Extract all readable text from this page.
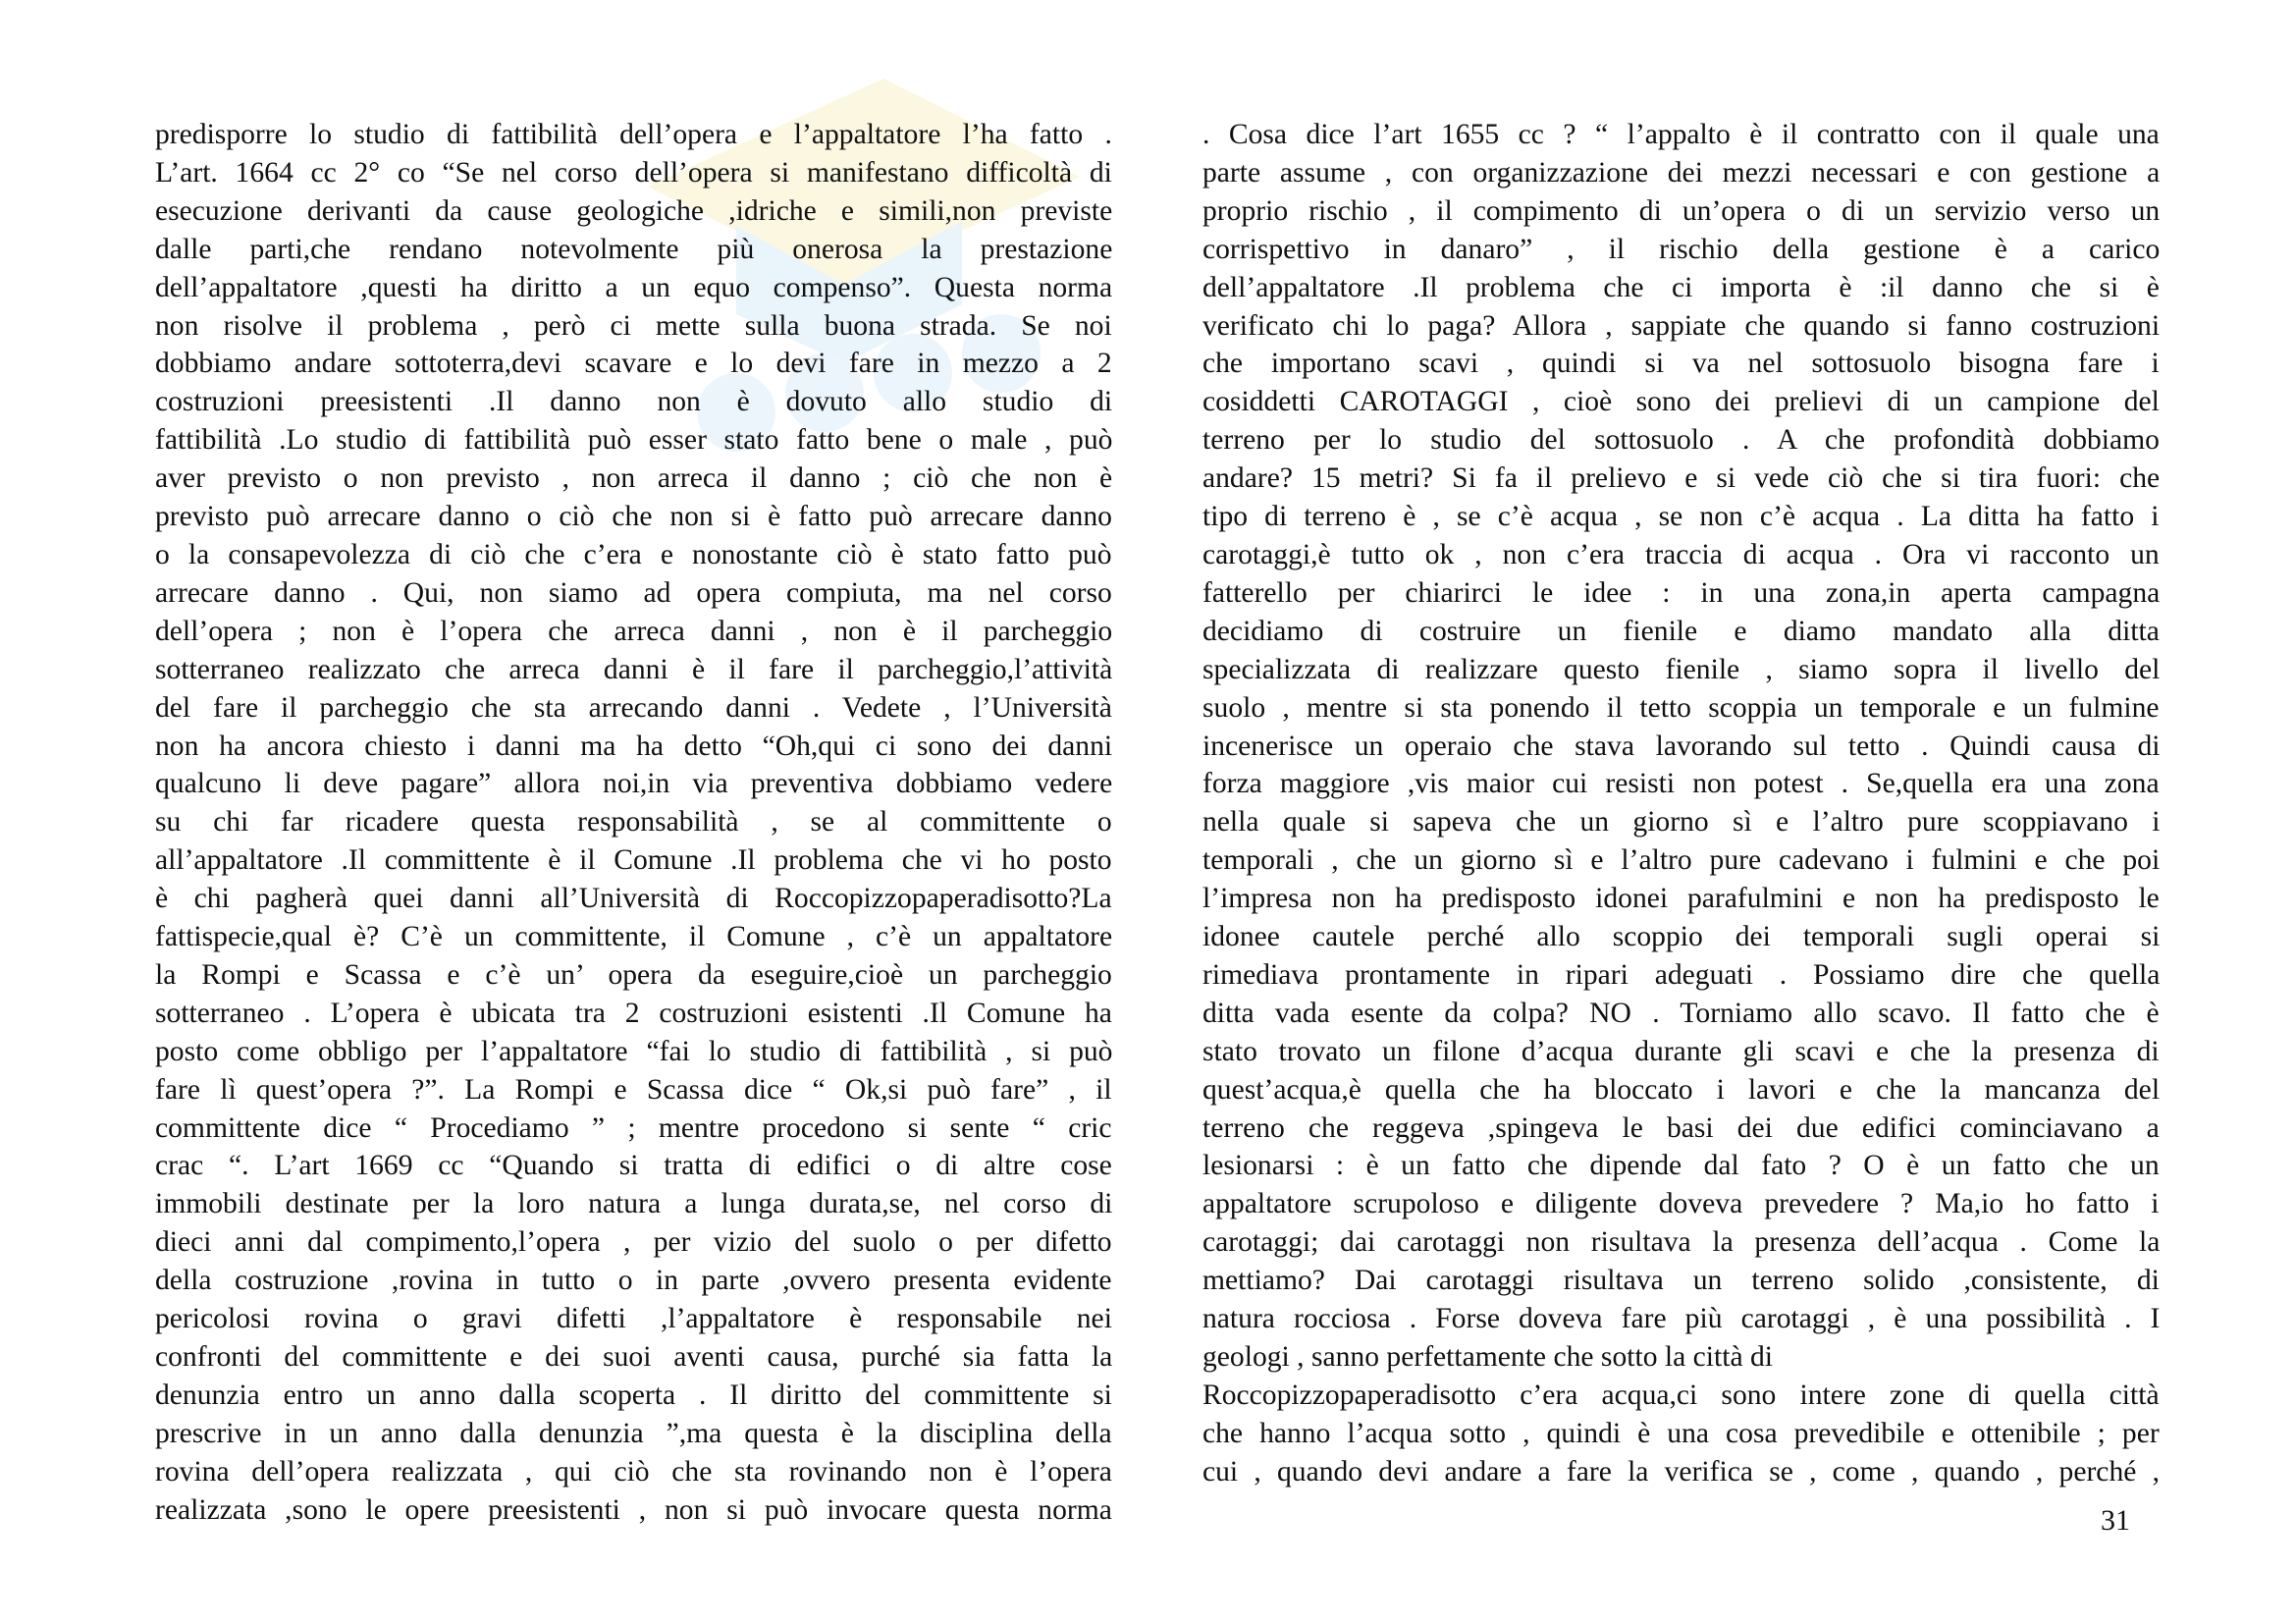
predisporre lo studio di fattibilità dell’opera e l’appaltatore l’ha fatto .
L’art. 1664 cc 2° co “Se nel corso dell’opera si manifestano difficoltà di
esecuzione derivanti da cause geologiche ,idriche e simili,non previste
dalle parti,che rendano notevolmente più onerosa la prestazione
dell’appaltatore ,questi ha diritto a un equo compenso”. Questa norma
non risolve il problema , però ci mette sulla buona strada. Se noi
dobbiamo andare sottoterra,devi scavare e lo devi fare in mezzo a 2
costruzioni preesistenti .Il danno non è dovuto allo studio di
fattibilità .Lo studio di fattibilità può esser stato fatto bene o male , può
aver previsto o non previsto , non arreca il danno ; ciò che non è
previsto può arrecare danno o ciò che non si è fatto può arrecare danno
o la consapevolezza di ciò che c’era e nonostante ciò è stato fatto può
arrecare danno . Qui, non siamo ad opera compiuta, ma nel corso
dell’opera ; non è l’opera che arreca danni , non è il parcheggio
sotterraneo realizzato che arreca danni è il fare il parcheggio,l’attività
del fare il parcheggio che sta arrecando danni . Vedete , l’Università
non ha ancora chiesto i danni ma ha detto “Oh,qui ci sono dei danni
qualcuno li deve pagare” allora noi,in via preventiva dobbiamo vedere
su chi far ricadere questa responsabilità , se al committente o
all’appaltatore .Il committente è il Comune .Il problema che vi ho posto
è chi pagherà quei danni all’Università di Roccopizzopaperadisotto?La
fattispecie,qual è? C’è un committente, il Comune , c’è un appaltatore
la Rompi e Scassa e c’è un’ opera da eseguire,cioè un parcheggio
sotterraneo . L’opera è ubicata tra 2 costruzioni esistenti .Il Comune ha
posto come obbligo per l’appaltatore “fai lo studio di fattibilità , si può
fare lì quest’opera ?”. La Rompi e Scassa dice “ Ok,si può fare” , il
committente dice “ Procediamo ” ; mentre procedono si sente “ cric
crac “. L’art 1669 cc “Quando si tratta di edifici o di altre cose
immobili destinate per la loro natura a lunga durata,se, nel corso di
dieci anni dal compimento,l’opera , per vizio del suolo o per difetto
della costruzione ,rovina in tutto o in parte ,ovvero presenta evidente
pericolosi rovina o gravi difetti ,l’appaltatore è responsabile nei
confronti del committente e dei suoi aventi causa, purché sia fatta la
denunzia entro un anno dalla scoperta . Il diritto del committente si
prescrive in un anno dalla denunzia ”,ma questa è la disciplina della
rovina dell’opera realizzata , qui ciò che sta rovinando non è l’opera
realizzata ,sono le opere preesistenti , non si può invocare questa norma
. Cosa dice l’art 1655 cc ? “ l’appalto è il contratto con il quale una
parte assume , con organizzazione dei mezzi necessari e con gestione a
proprio rischio , il compimento di un’opera o di un servizio verso un
corrispettivo in danaro” , il rischio della gestione è a carico
dell’appaltatore .Il problema che ci importa è :il danno che si è
verificato chi lo paga? Allora , sappiate che quando si fanno costruzioni
che importano scavi , quindi si va nel sottosuolo bisogna fare i
cosiddetti CAROTAGGI , cioè sono dei prelievi di un campione del
terreno per lo studio del sottosuolo . A che profondità dobbiamo
andare? 15 metri? Si fa il prelievo e si vede ciò che si tira fuori: che
tipo di terreno è , se c’è acqua , se non c’è acqua . La ditta ha fatto i
carotaggi,è tutto ok , non c’era traccia di acqua . Ora vi racconto un
fatterello per chiarirci le idee : in una zona,in aperta campagna
decidiamo di costruire un fienile e diamo mandato alla ditta
specializzata di realizzare questo fienile , siamo sopra il livello del
suolo , mentre si sta ponendo il tetto scoppia un temporale e un fulmine
incenerisce un operaio che stava lavorando sul tetto . Quindi causa di
forza maggiore ,vis maior cui resisti non potest . Se,quella era una zona
nella quale si sapeva che un giorno sì e l’altro pure scoppiavano i
temporali , che un giorno sì e l’altro pure cadevano i fulmini e che poi
l’impresa non ha predisposto idonei parafulmini e non ha predisposto le
idonee cautele perché allo scoppio dei temporali sugli operai si
rimediava prontamente in ripari adeguati . Possiamo dire che quella
ditta vada esente da colpa? NO . Torniamo allo scavo. Il fatto che è
stato trovato un filone d’acqua durante gli scavi e che la presenza di
quest’acqua,è quella che ha bloccato i lavori e che la mancanza del
terreno che reggeva ,spingeva le basi dei due edifici cominciavano a
lesionarsi : è un fatto che dipende dal fato ? O è un fatto che un
appaltatore scrupoloso e diligente doveva prevedere ? Ma,io ho fatto i
carotaggi; dai carotaggi non risultava la presenza dell’acqua . Come la
mettiamo? Dai carotaggi risultava un terreno solido ,consistente, di
natura rocciosa . Forse doveva fare più carotaggi , è una possibilità . I
geologi , sanno perfettamente che sotto la città di
Roccopizzopaperadisotto c’era acqua,ci sono intere zone di quella città
che hanno l’acqua sotto , quindi è una cosa prevedibile e ottenibile ; per
cui , quando devi andare a fare la verifica se , come , quando , perché ,
31
